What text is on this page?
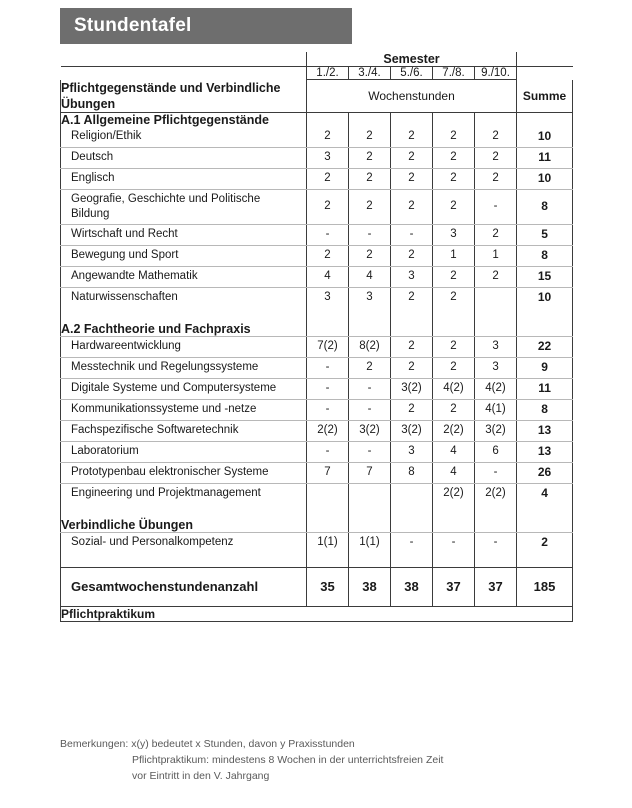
Stundentafel
	Semester					
	1./2.	3./4.	5./6.	7./8.	9./10.	
Pflichtgegenstände und Verbindliche Übungen	Wochenstunden					Summe
A.1 Allgemeine Pflichtgegenstände						
Religion/Ethik	2	2	2	2	2	10
Deutsch	3	2	2	2	2	11
Englisch	2	2	2	2	2	10
Geografie, Geschichte und Politische Bildung	2	2	2	2	-	8
Wirtschaft und Recht	-	-	-	3	2	5
Bewegung und Sport	2	2	2	1	1	8
Angewandte Mathematik	4	4	3	2	2	15
Naturwissenschaften	3	3	2	2		10

A.2 Fachtheorie und Fachpraxis						
Hardwareentwicklung	7(2)	8(2)	2	2	3	22
Messtechnik und Regelungssysteme	-	2	2	2	3	9
Digitale Systeme und Computersysteme	-	-	3(2)	4(2)	4(2)	11
Kommunikationssysteme und -netze	-	-	2	2	4(1)	8
Fachspezifische Softwaretechnik	2(2)	3(2)	3(2)	2(2)	3(2)	13
Laboratorium	-	-	3	4	6	13
Prototypenbau elektronischer Systeme	7	7	8	4	-	26
Engineering und Projektmanagement				2(2)	2(2)	4

Verbindliche Übungen						
Sozial- und Personalkompetenz	1(1)	1(1)	-	-	-	2

Gesamtwochenstundenanzahl	35	38	38	37	37	185
Pflichtpraktikum						
Bemerkungen: x(y) bedeutet x Stunden, davon y Praxisstunden
Pflichtpraktikum: mindestens 8 Wochen in der unterrichtsfreien Zeit
vor Eintritt in den V. Jahrgang
